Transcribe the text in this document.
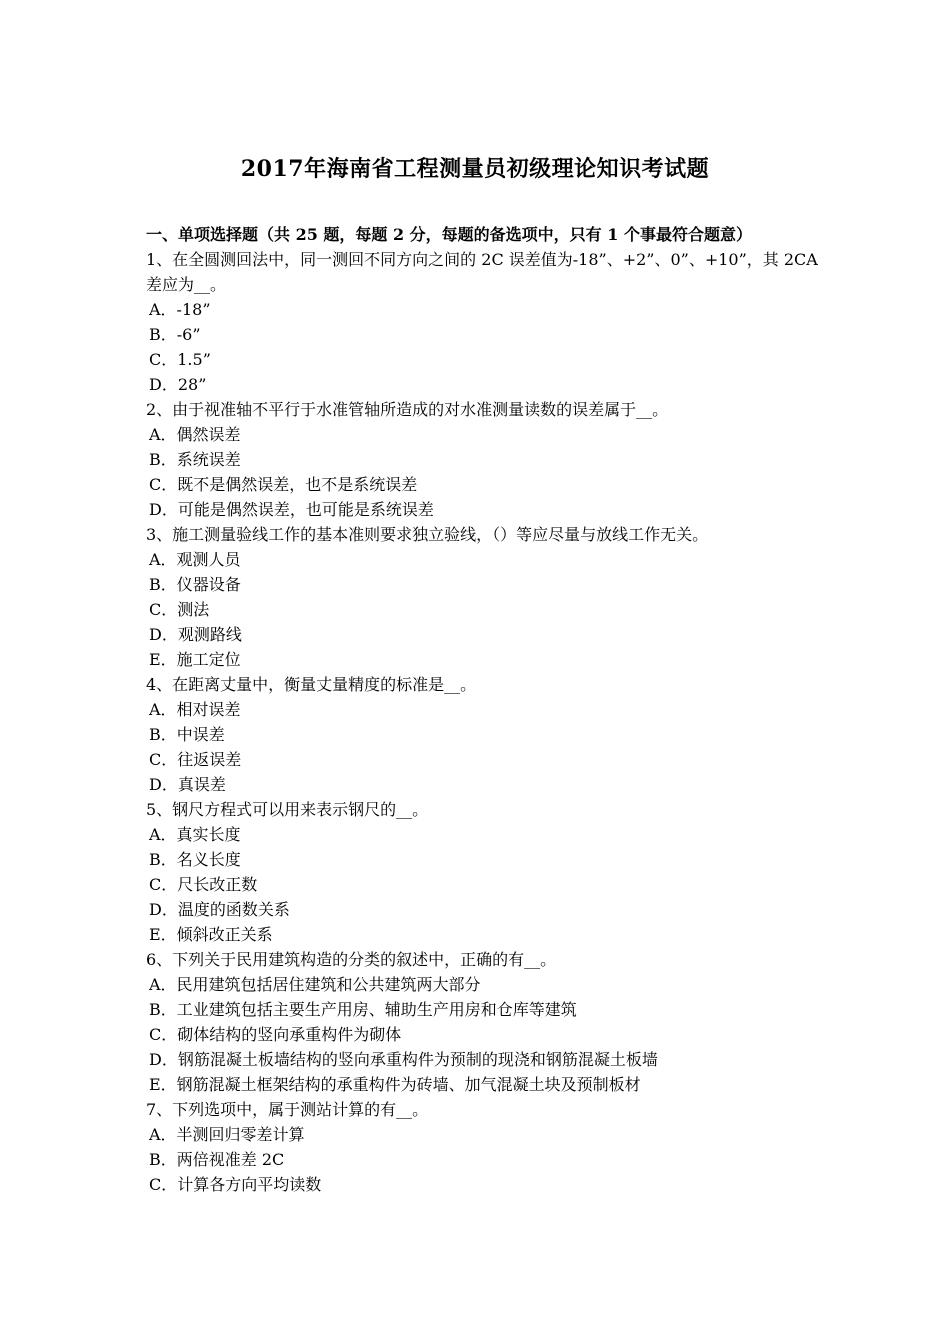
2017年海南省工程测量员初级理论知识考试题

一、单项选择题（共 25 题，每题 2 分，每题的备选项中，只有 1 个事最符合题意）

1、在全圆测回法中，同一测回不同方向之间的 2C 误差值为-18”、+2”、0”、+10”，其 2CA 差应为__。

A．-18”

B．-6”

C．1.5”

D．28”

2、由于视准轴不平行于水准管轴所造成的对水准测量读数的误差属于__。

A．偶然误差

B．系统误差

C．既不是偶然误差，也不是系统误差

D．可能是偶然误差，也可能是系统误差

3、施工测量验线工作的基本准则要求独立验线，（）等应尽量与放线工作无关。

A．观测人员

B．仪器设备

C．测法

D．观测路线

E．施工定位

4、在距离丈量中，衡量丈量精度的标准是__。

A．相对误差

B．中误差

C．往返误差

D．真误差

5、钢尺方程式可以用来表示钢尺的__。

A．真实长度

B．名义长度

C．尺长改正数

D．温度的函数关系

E．倾斜改正关系

6、下列关于民用建筑构造的分类的叙述中，正确的有__。

A．民用建筑包括居住建筑和公共建筑两大部分

B．工业建筑包括主要生产用房、辅助生产用房和仓库等建筑

C．砌体结构的竖向承重构件为砌体

D．钢筋混凝土板墙结构的竖向承重构件为预制的现浇和钢筋混凝土板墙

E．钢筋混凝土框架结构的承重构件为砖墙、加气混凝土块及预制板材

7、下列选项中，属于测站计算的有__。

A．半测回归零差计算

B．两倍视准差 2C

C．计算各方向平均读数
